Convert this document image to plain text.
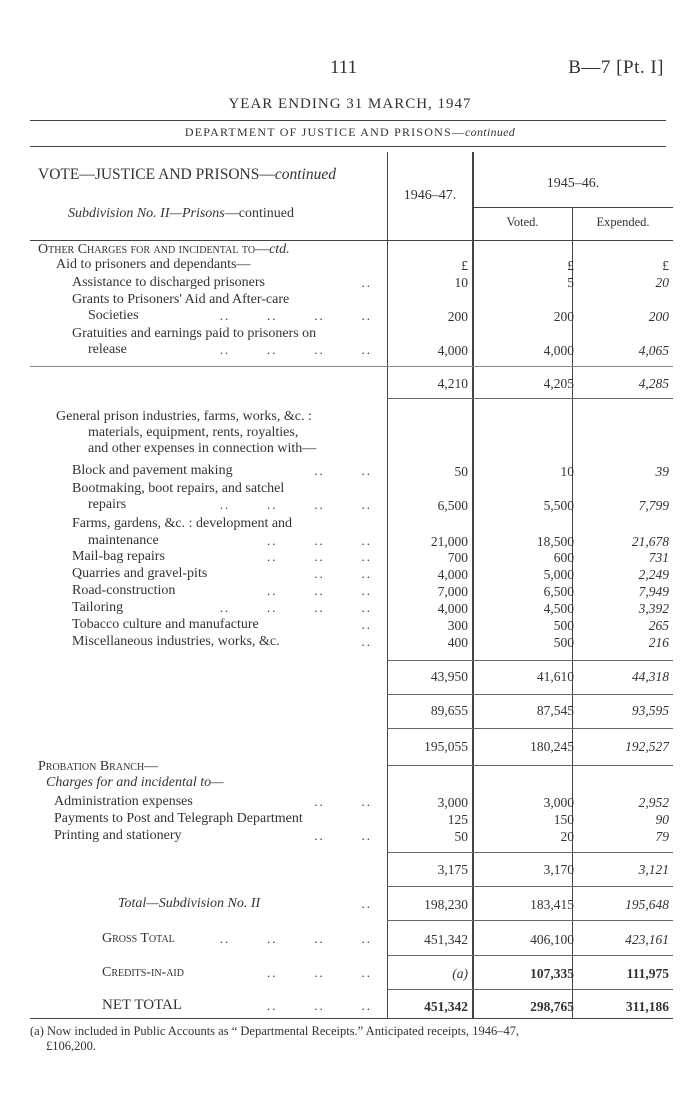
111	B—7 [Pt. I]
YEAR ENDING 31 MARCH, 1947
DEPARTMENT OF JUSTICE AND PRISONS—continued
VOTE—JUSTICE AND PRISONS—continued
Subdivision No. II—Prisons—continued
1946–47.
1945–46.
Voted.	Expended.
Other Charges for and incidental to—ctd.
Aid to prisoners and dependants—	£	£	£
Assistance to discharged prisoners	..	10	5	20
Grants to Prisoners' Aid and After-care
Societies	..       ..       ..       ..	200	200	200
Gratuities and earnings paid to prisoners on
release	..       ..       ..       ..	4,000	4,000	4,065
4,210	4,205	4,285
General prison industries, farms, works, &c. :
materials, equipment, rents, royalties,
and other expenses in connection with—
Block and pavement making	..       ..	50	10	39
Bootmaking, boot repairs, and satchel
repairs	..       ..       ..       ..	6,500	5,500	7,799
Farms, gardens, &c. : development and
maintenance	..       ..       ..	21,000	18,500	21,678
Mail-bag repairs	..       ..       ..	700	600	731
Quarries and gravel-pits	..       ..	4,000	5,000	2,249
Road-construction	..       ..       ..	7,000	6,500	7,949
Tailoring	..       ..       ..       ..	4,000	4,500	3,392
Tobacco culture and manufacture	..	300	500	265
Miscellaneous industries, works, &c.	..	400	500	216
43,950	41,610	44,318
89,655	87,545	93,595
195,055	180,245	192,527
Probation Branch—
Charges for and incidental to—
Administration expenses	..       ..	3,000	3,000	2,952
Payments to Post and Telegraph Department	125	150	90
Printing and stationery	..       ..	50	20	79
3,175	3,170	3,121
Total—Subdivision No. II	..	198,230	183,415	195,648
Gross Total	..       ..       ..       ..	451,342	406,100	423,161
Credits-in-aid	..       ..       ..	(a)	107,335	111,975
NET TOTAL	..       ..       ..	451,342	298,765	311,186
(a) Now included in Public Accounts as “ Departmental Receipts.” Anticipated receipts, 1946–47,
£106,200.
